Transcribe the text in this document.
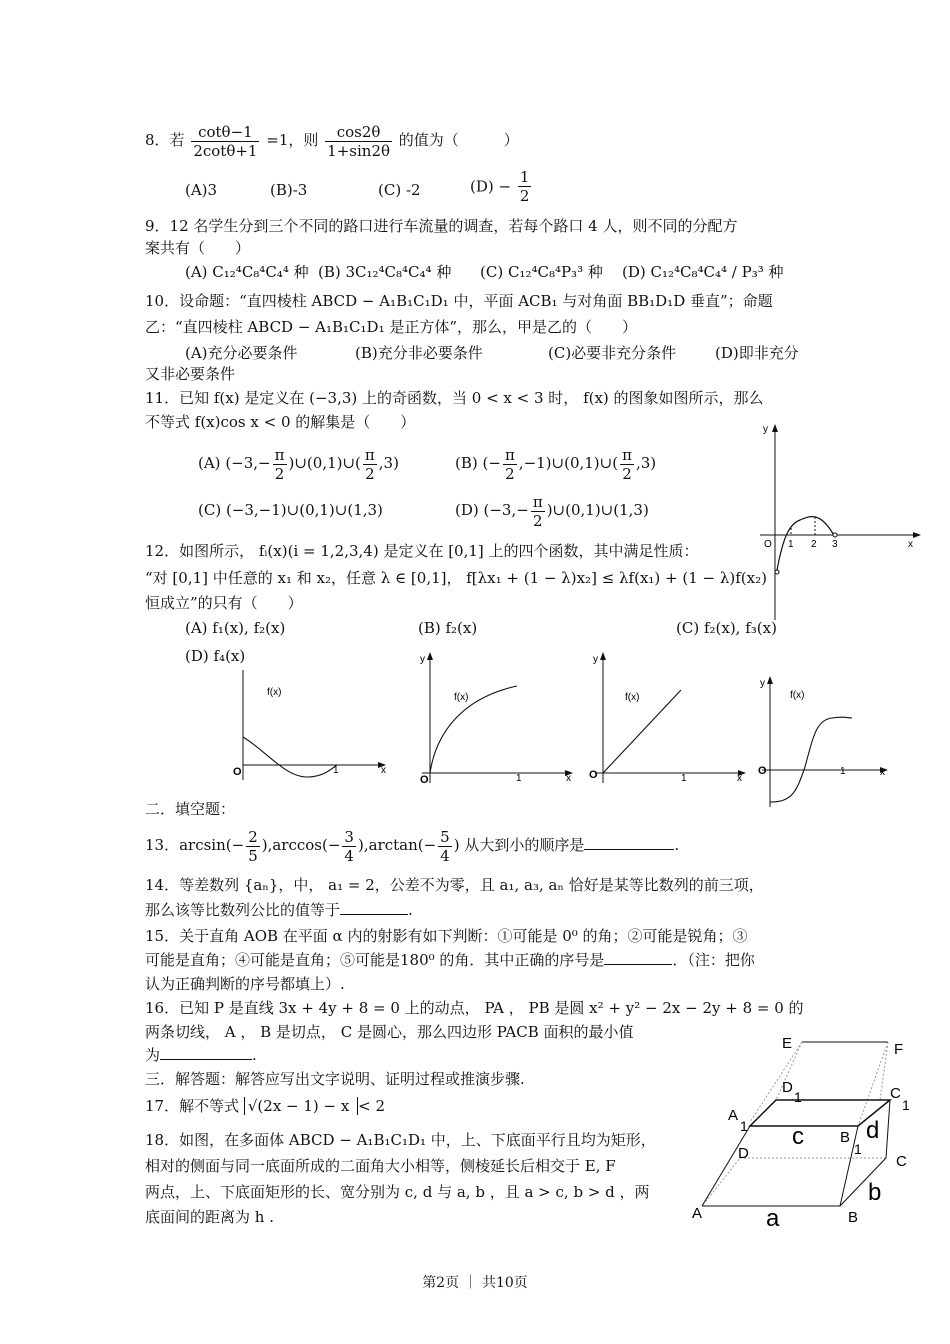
8．若 $\frac{\cot\theta-1}{2\cot\theta+1} =1$，则 $\frac{\cos 2\theta}{1+\sin 2\theta}$ 的值为（　　　）
(A)3	(B)-3	(C) -2	$(D) - \frac{1}{2}$
9．12 名学生分到三个不同的路口进行车流量的调查，若每个路口 4 人，则不同的分配方
案共有（　　）
(A) C₁₂⁴C₈⁴C₄⁴ 种 (B) 3C₁₂⁴C₈⁴C₄⁴ 种 (C) C₁₂⁴C₈⁴P₃³ 种 (D) C₁₂⁴C₈⁴C₄⁴ / P₃³ 种
10．设命题：“直四棱柱 ABCD − A₁B₁C₁D₁ 中，平面 ACB₁ 与对角面 BB₁D₁D 垂直”；命题
乙：“直四棱柱 ABCD − A₁B₁C₁D₁ 是正方体”，那么，甲是乙的（　　）
(A)充分必要条件	(B)充分非必要条件	(C)必要非充分条件	(D)即非充分
又非必要条件
11．已知 f(x) 是定义在 (−3,3) 上的奇函数，当 0 < x < 3 时， f(x) 的图象如图所示，那么
不等式 f(x)cos x < 0 的解集是（　　）
(A) ($-3,- \frac{\pi}{2}$ )∪(0,1)∪( $\frac{\pi}{2} ,3$)	(B) (− $\frac{\pi}{2}$ ,−1)∪(0,1)∪( $\frac{\pi}{2} ,3$)
(C) (−3,−1)∪(0,1)∪(1,3)	(D) ($-3,- \frac{\pi}{2}$ )∪(0,1)∪(1,3)
y
x
O 1 2 3
12．如图所示， fᵢ(x)(i = 1,2,3,4) 是定义在 [0,1] 上的四个函数，其中满足性质：
“对 [0,1] 中任意的 x₁ 和 x₂，任意 λ ∈ [0,1]， f[λx₁ + (1 − λ)x₂] ≤ λf(x₁) + (1 − λ)f(x₂)
恒成立”的只有（　　）
(A) f₁(x), f₂(x)	(B) f₂(x)	(C) f₂(x), f₃(x)
(D) f₄(x)
f(x)
O	1	x
y
f(x)
O	1	x
y
f(x)
O	1	x
y
f(x)
O	1	x
二．填空题：
13．$\arcsin(- \frac{2}{5} ),\arccos(- \frac{3}{4} ),\arctan(- \frac{5}{4}$ ) 从大到小的顺序是	.
14．等差数列 {aₙ}，中， a₁ = 2，公差不为零，且 a₁, a₃, aₙ 恰好是某等比数列的前三项，
那么该等比数列公比的值等于	.
15．关于直角 AOB 在平面 α 内的射影有如下判断：①可能是 0⁰ 的角；②可能是锐角；③
可能是直角；④可能是直角；⑤可能是180⁰ 的角．其中正确的序号是	．（注：把你
认为正确判断的序号都填上）.
16．已知 P 是直线 3x + 4y + 8 = 0 上的动点， PA ， PB 是圆 x² + y² − 2x − 2y + 8 = 0 的
两条切线， A ， B 是切点， C 是圆心，那么四边形 PACB 面积的最小值
为	.
三．解答题：解答应写出文字说明、证明过程或推演步骤.
17．解不等式 √(2x − 1) − x < 2
18．如图，在多面体 ABCD − A₁B₁C₁D₁ 中，上、下底面平行且均为矩形，
相对的侧面与同一底面所成的二面角大小相等，侧棱延长后相交于 E, F
两点，上、下底面矩形的长、宽分别为 c, d 与 a, b ，且 a > c, b > d ，两
底面间的距离为 h .
E	F
D
1	C
1
A
1 c B
1
d
D	C
b
A	a	B
第2页 ｜ 共10页
